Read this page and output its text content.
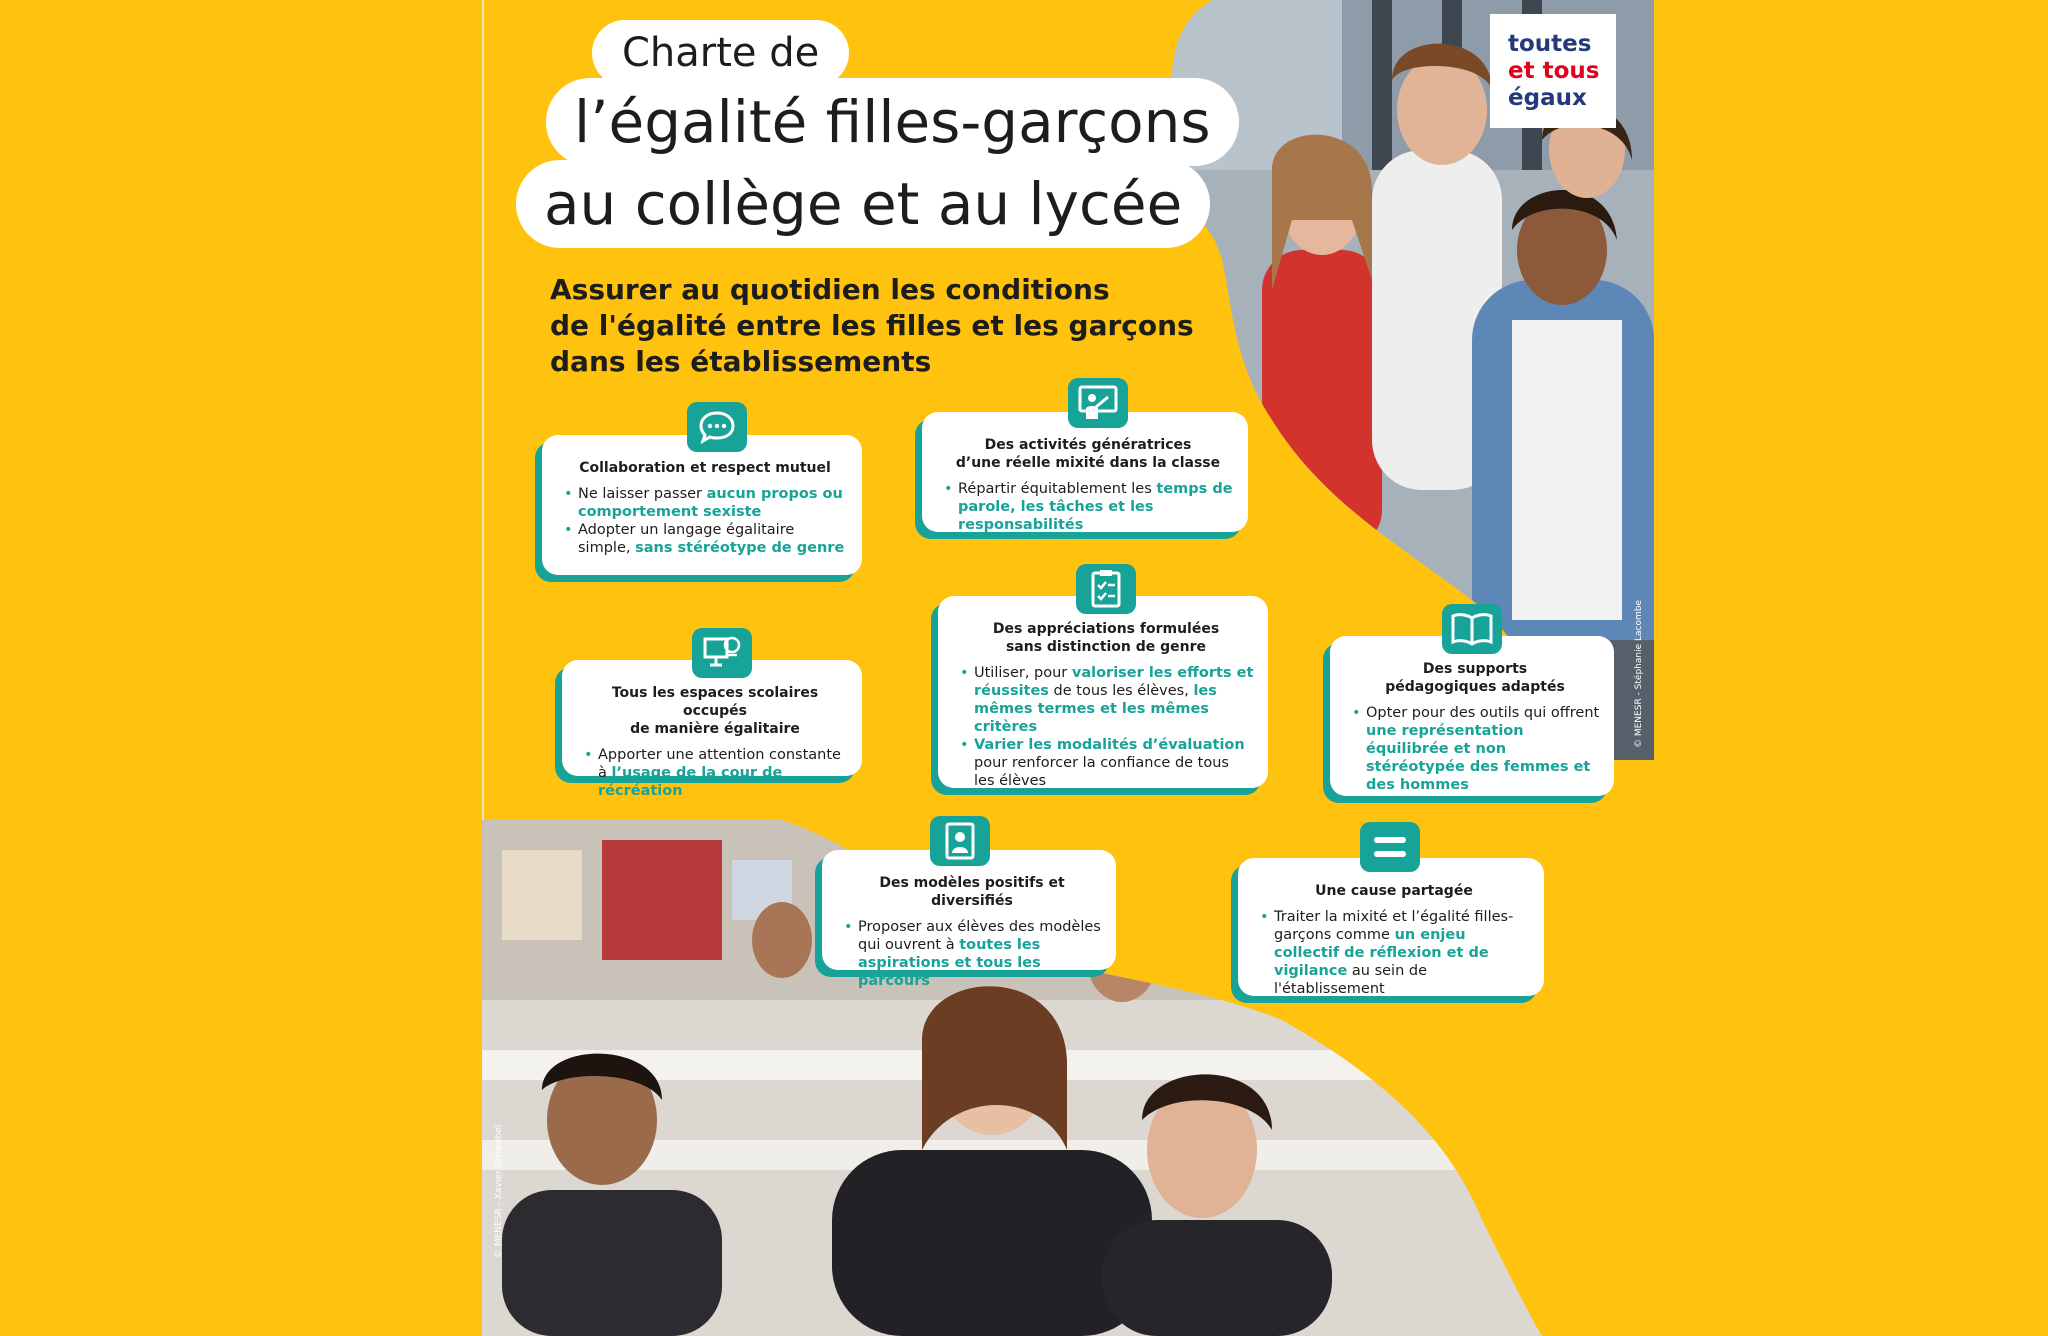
toutes
et tous
égaux
© MENESR - Stéphanie Lacombe
© MENESR - Xavier Schwebel
Charte de
l’égalité filles-garçons
au collège et au lycée
Assurer au quotidien les conditions
de l'égalité entre les filles et les garçons
dans les établissements
Collaboration et respect mutuel
• Ne laisser passer aucun propos ou comportement sexiste
• Adopter un langage égalitaire simple, sans stéréotype de genre
Des activités génératrices
d’une réelle mixité dans la classe
• Répartir équitablement les temps de parole, les tâches et les responsabilités
Tous les espaces scolaires occupés
de manière égalitaire
• Apporter une attention constante à l’usage de la cour de récréation
Des appréciations formulées
sans distinction de genre
• Utiliser, pour valoriser les efforts et réussites de tous les élèves, les mêmes termes et les mêmes critères
• Varier les modalités d’évaluation pour renforcer la confiance de tous les élèves
Des supports
pédagogiques adaptés
• Opter pour des outils qui offrent une représentation équilibrée et non stéréotypée des femmes et des hommes
Des modèles positifs et diversifiés
• Proposer aux élèves des modèles qui ouvrent à toutes les aspirations et tous les parcours
Une cause partagée
• Traiter la mixité et l’égalité filles-garçons comme un enjeu collectif de réflexion et de vigilance au sein de l'établissement
